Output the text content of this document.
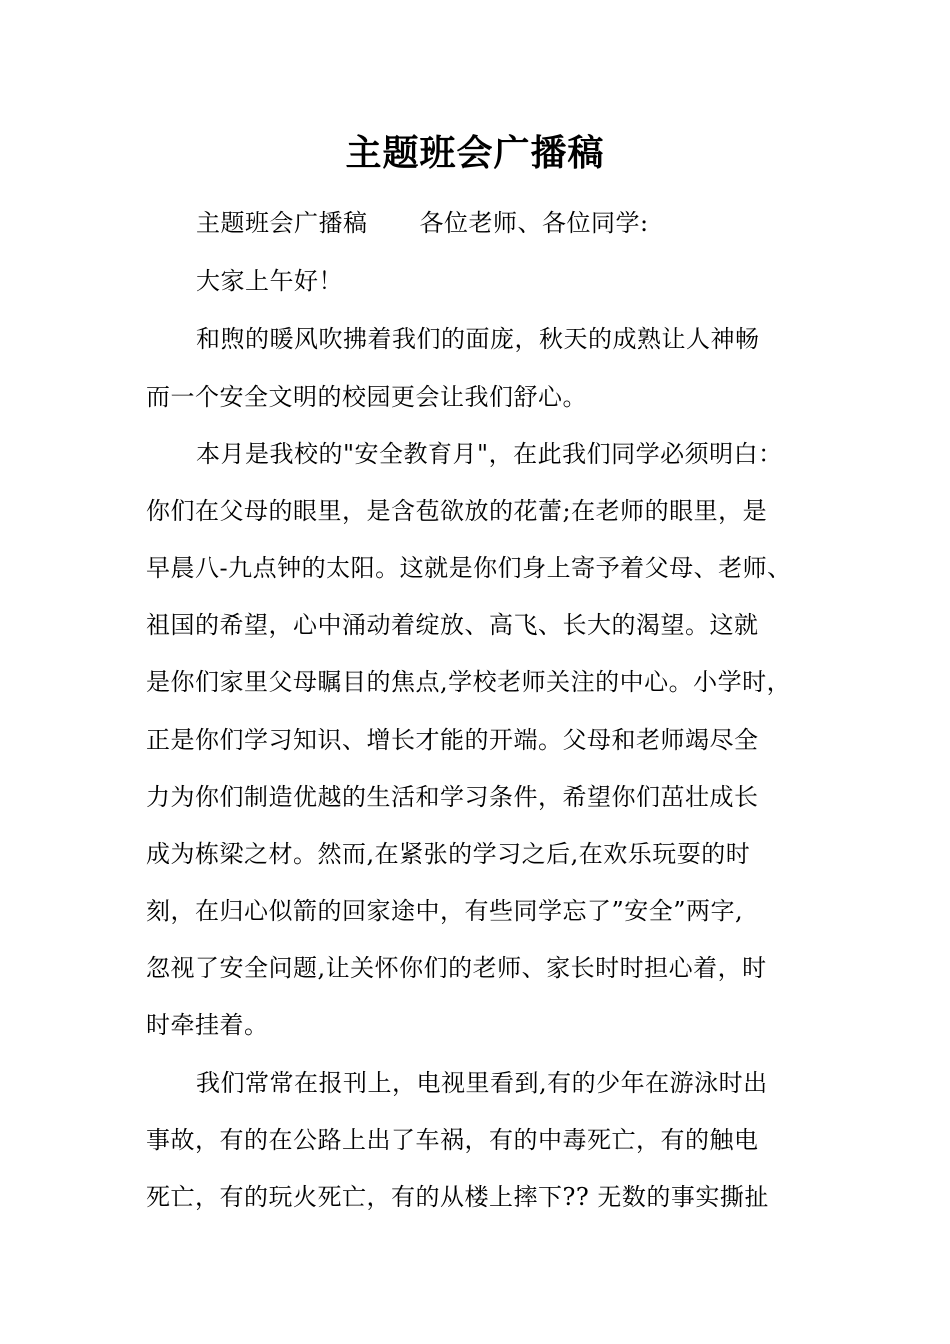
主题班会广播稿
主题班会广播稿 各位老师、各位同学:
大家上午好！
和煦的暖风吹拂着我们的面庞，秋天的成熟让人神畅
而一个安全文明的校园更会让我们舒心。
本月是我校的"安全教育月"，在此我们同学必须明白：
你们在父母的眼里，是含苞欲放的花蕾;在老师的眼里，是
早晨八-九点钟的太阳。这就是你们身上寄予着父母、老师、
祖国的希望，心中涌动着绽放、高飞、长大的渴望。这就
是你们家里父母瞩目的焦点,学校老师关注的中心。小学时，
正是你们学习知识、增长才能的开端。父母和老师竭尽全
力为你们制造优越的生活和学习条件，希望你们茁壮成长
成为栋梁之材。然而,在紧张的学习之后,在欢乐玩耍的时
刻，在归心似箭的回家途中，有些同学忘了”安全”两字,
忽视了安全问题,让关怀你们的老师、家长时时担心着，时
时牵挂着。
我们常常在报刊上，电视里看到,有的少年在游泳时出
事故，有的在公路上出了车祸，有的中毒死亡，有的触电
死亡，有的玩火死亡，有的从楼上摔下?? 无数的事实撕扯
